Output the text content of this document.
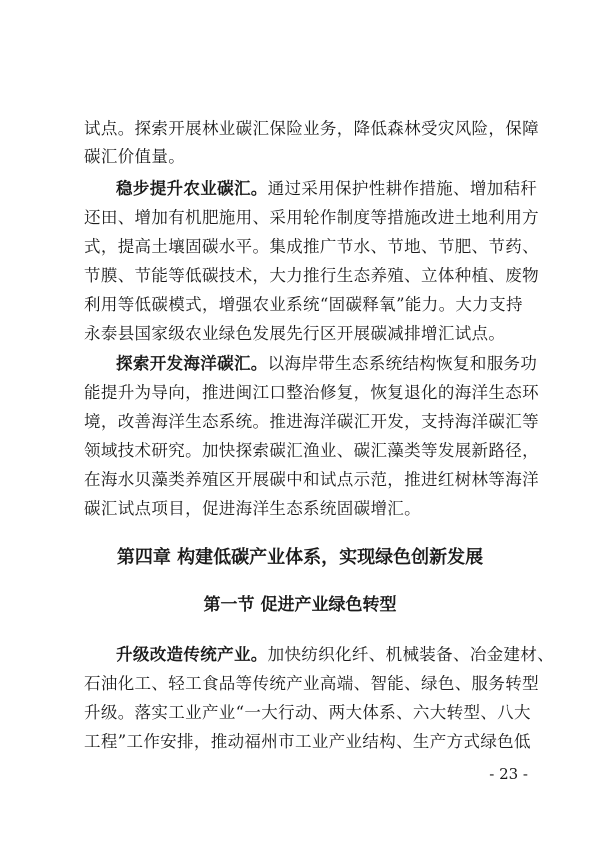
试点。探索开展林业碳汇保险业务，降低森林受灾风险，保障
碳汇价值量。
稳步提升农业碳汇。通过采用保护性耕作措施、增加秸秆
还田、增加有机肥施用、采用轮作制度等措施改进土地利用方
式，提高土壤固碳水平。集成推广节水、节地、节肥、节药、
节膜、节能等低碳技术，大力推行生态养殖、立体种植、废物
利用等低碳模式，增强农业系统“固碳释氧”能力。大力支持
永泰县国家级农业绿色发展先行区开展碳减排增汇试点。
探索开发海洋碳汇。以海岸带生态系统结构恢复和服务功
能提升为导向，推进闽江口整治修复，恢复退化的海洋生态环
境，改善海洋生态系统。推进海洋碳汇开发，支持海洋碳汇等
领域技术研究。加快探索碳汇渔业、碳汇藻类等发展新路径，
在海水贝藻类养殖区开展碳中和试点示范，推进红树林等海洋
碳汇试点项目，促进海洋生态系统固碳增汇。
第四章 构建低碳产业体系，实现绿色创新发展
第一节 促进产业绿色转型
升级改造传统产业。加快纺织化纤、机械装备、冶金建材、
石油化工、轻工食品等传统产业高端、智能、绿色、服务转型
升级。落实工业产业“一大行动、两大体系、六大转型、八大
工程”工作安排，推动福州市工业产业结构、生产方式绿色低
- 23 -
